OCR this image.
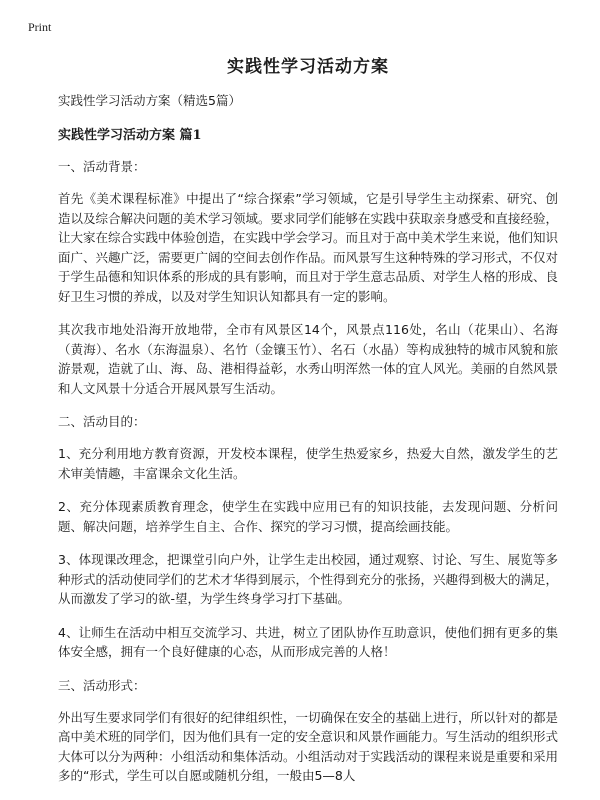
Print
实践性学习活动方案
实践性学习活动方案（精选5篇）
实践性学习活动方案 篇1
一、活动背景：
首先《美术课程标准》中提出了“综合探索”学习领域，它是引导学生主动探索、研究、创造以及综合解决问题的美术学习领域。要求同学们能够在实践中获取亲身感受和直接经验，让大家在综合实践中体验创造，在实践中学会学习。而且对于高中美术学生来说，他们知识面广、兴趣广泛，需要更广阔的空间去创作作品。而风景写生这种特殊的学习形式，不仅对于学生品德和知识体系的形成的具有影响，而且对于学生意志品质、对学生人格的形成、良好卫生习惯的养成，以及对学生知识认知都具有一定的影响。
其次我市地处沿海开放地带，全市有风景区14个，风景点116处，名山（花果山）、名海（黄海）、名水（东海温泉）、名竹（金镶玉竹）、名石（水晶）等构成独特的城市风貌和旅游景观，造就了山、海、岛、港相得益彰，水秀山明浑然一体的宜人风光。美丽的自然风景和人文风景十分适合开展风景写生活动。
二、活动目的：
1、充分利用地方教育资源，开发校本课程，使学生热爱家乡，热爱大自然，激发学生的艺术审美情趣，丰富课余文化生活。
2、充分体现素质教育理念，使学生在实践中应用已有的知识技能，去发现问题、分析问题、解决问题，培养学生自主、合作、探究的学习习惯，提高绘画技能。
3、体现课改理念，把课堂引向户外，让学生走出校园，通过观察、讨论、写生、展览等多种形式的活动使同学们的艺术才华得到展示，个性得到充分的张扬，兴趣得到极大的满足，从而激发了学习的欲-望，为学生终身学习打下基础。
4、让师生在活动中相互交流学习、共进，树立了团队协作互助意识，使他们拥有更多的集体安全感，拥有一个良好健康的心态，从而形成完善的人格！
三、活动形式：
外出写生要求同学们有很好的纪律组织性，一切确保在安全的基础上进行，所以针对的都是高中美术班的同学们，因为他们具有一定的安全意识和风景作画能力。写生活动的组织形式大体可以分为两种：小组活动和集体活动。小组活动对于实践活动的课程来说是重要和采用多的“形式，学生可以自愿或随机分组，一般由5—8人
